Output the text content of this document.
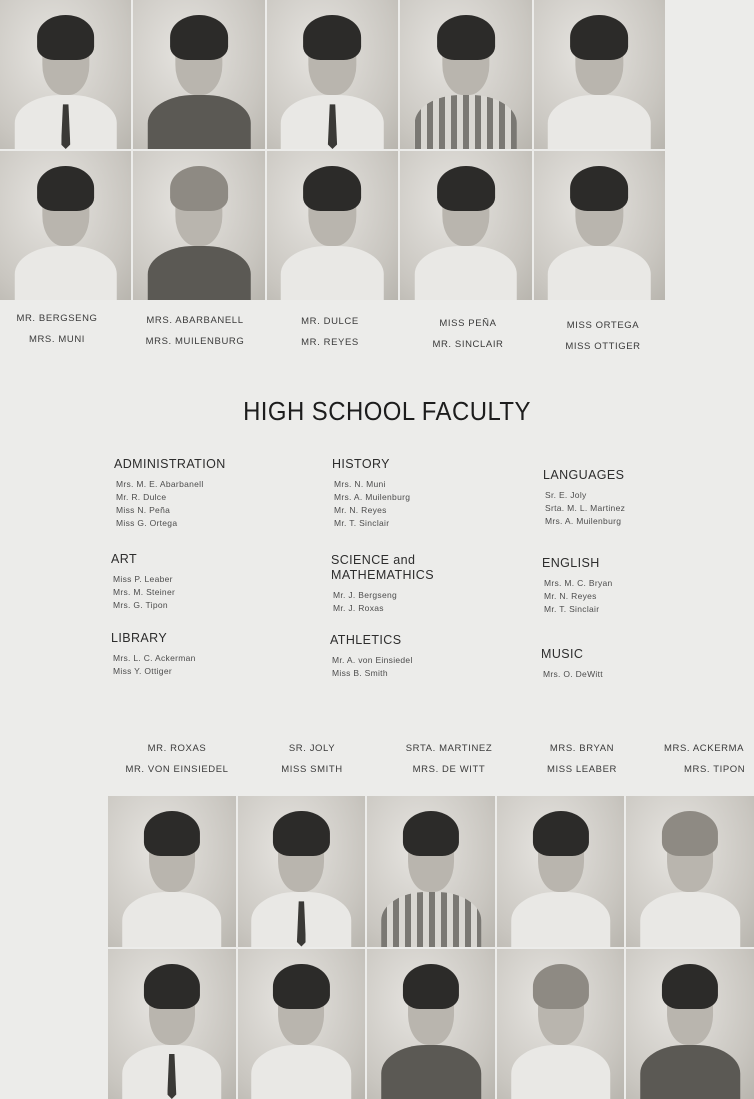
MR. BERGSENG
MRS. MUNI
MRS. ABARBANELL
MRS. MUILENBURG
MR. DULCE
MR. REYES
MISS PEÑA
MR. SINCLAIR
MISS ORTEGA
MISS OTTIGER
HIGH SCHOOL FACULTY
ADMINISTRATION
Mrs. M. E. Abarbanell
Mr. R. Dulce
Miss N. Peña
Miss G. Ortega
ART
Miss P. Leaber
Mrs. M. Steiner
Mrs. G. Tipon
LIBRARY
Mrs. L. C. Ackerman
Miss Y. Ottiger
HISTORY
Mrs. N. Muni
Mrs. A. Muilenburg
Mr. N. Reyes
Mr. T. Sinclair
SCIENCE and MATHEMATHICS
Mr. J. Bergseng
Mr. J. Roxas
ATHLETICS
Mr. A. von Einsiedel
Miss B. Smith
LANGUAGES
Sr. E. Joly
Srta. M. L. Martinez
Mrs. A. Muilenburg
ENGLISH
Mrs. M. C. Bryan
Mr. N. Reyes
Mr. T. Sinclair
MUSIC
Mrs. O. DeWitt
MR. ROXAS
MR. VON EINSIEDEL
SR. JOLY
MISS SMITH
SRTA. MARTINEZ
MRS. DE WITT
MRS. BRYAN
MISS LEABER
MRS. ACKERMA
MRS. TIPON
